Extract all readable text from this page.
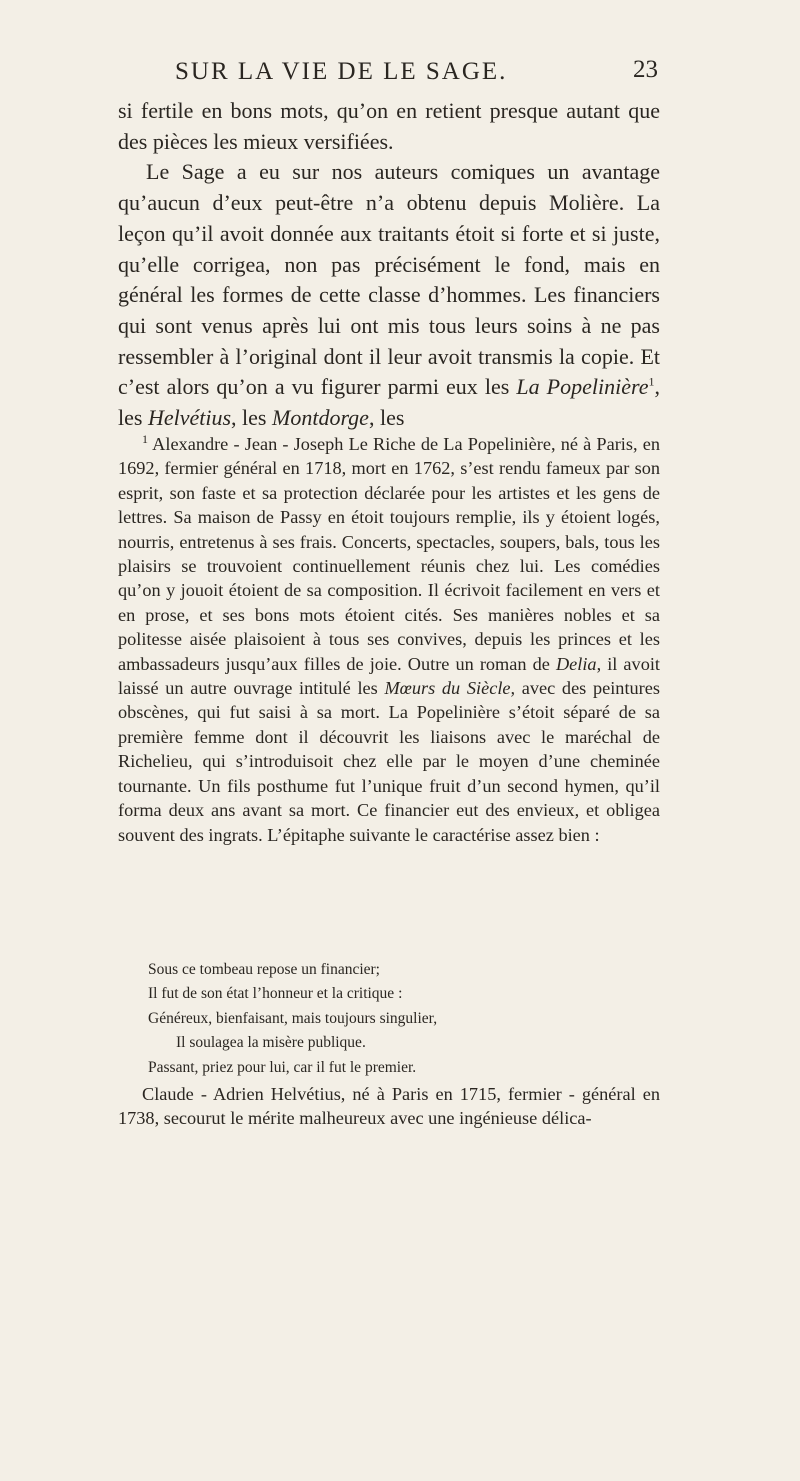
SUR LA VIE DE LE SAGE.	23

si fertile en bons mots, qu’on en retient presque autant que des pièces les mieux versifiées.

Le Sage a eu sur nos auteurs comiques un avantage qu’aucun d’eux peut-être n’a obtenu depuis Molière. La leçon qu’il avoit donnée aux traitants étoit si forte et si juste, qu’elle corrigea, non pas précisément le fond, mais en général les formes de cette classe d’hommes. Les financiers qui sont venus après lui ont mis tous leurs soins à ne pas ressembler à l’original dont il leur avoit transmis la copie. Et c’est alors qu’on a vu figurer parmi eux les La Popelinière$^1$, les Helvétius, les Montdorge, les

$^1$ Alexandre - Jean - Joseph Le Riche de La Popelinière, né à Paris, en 1692, fermier général en 1718, mort en 1762, s’est rendu fameux par son esprit, son faste et sa protection déclarée pour les artistes et les gens de lettres. Sa maison de Passy en étoit toujours remplie, ils y étoient logés, nourris, entretenus à ses frais. Concerts, spectacles, soupers, bals, tous les plaisirs se trouvoient continuellement réunis chez lui. Les comédies qu’on y jouoit étoient de sa composition. Il écrivoit facilement en vers et en prose, et ses bons mots étoient cités. Ses manières nobles et sa politesse aisée plaisoient à tous ses convives, depuis les princes et les ambassadeurs jusqu’aux filles de joie. Outre un roman de Delia, il avoit laissé un autre ouvrage intitulé les Mœurs du Siècle, avec des peintures obscènes, qui fut saisi à sa mort. La Popelinière s’étoit séparé de sa première femme dont il découvrit les liaisons avec le maréchal de Richelieu, qui s’introduisoit chez elle par le moyen d’une cheminée tournante. Un fils posthume fut l’unique fruit d’un second hymen, qu’il forma deux ans avant sa mort. Ce financier eut des envieux, et obligea souvent des ingrats. L’épitaphe suivante le caractérise assez bien :

Sous ce tombeau repose un financier;
Il fut de son état l’honneur et la critique :
Généreux, bienfaisant, mais toujours singulier,
Il soulagea la misère publique.
Passant, priez pour lui, car il fut le premier.

Claude - Adrien Helvétius, né à Paris en 1715, fermier - général en 1738, secourut le mérite malheureux avec une ingénieuse délica-
